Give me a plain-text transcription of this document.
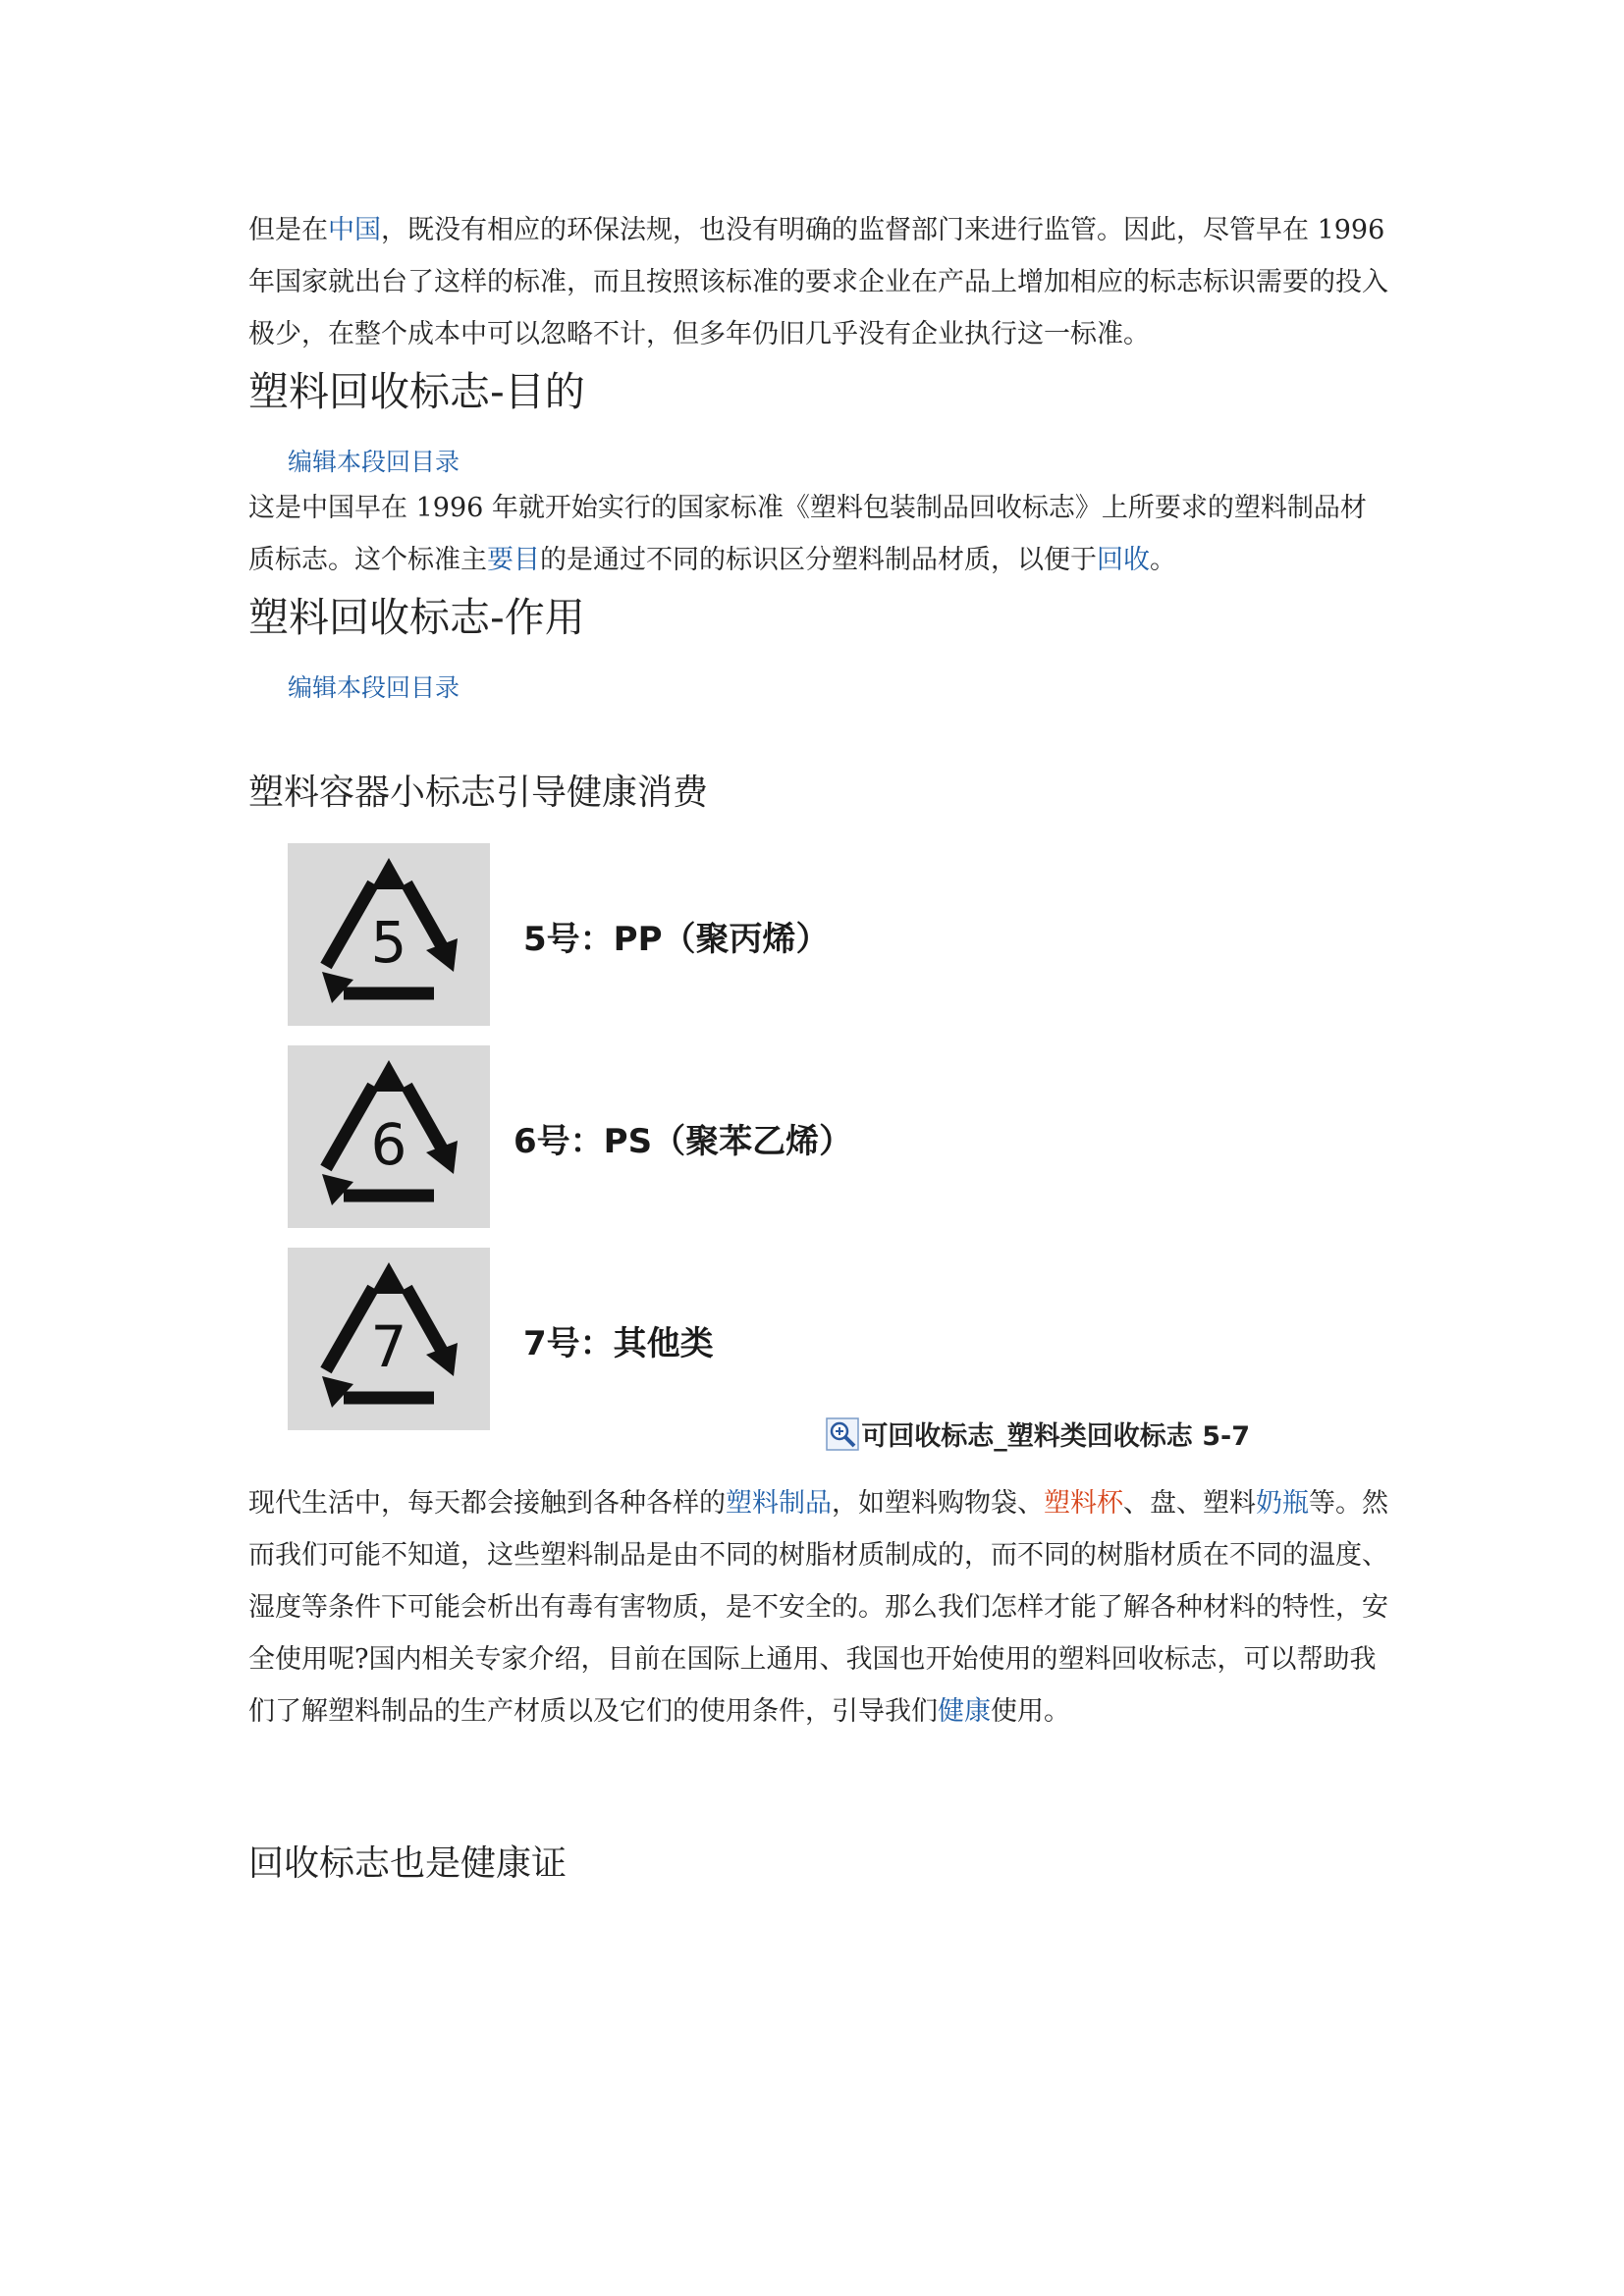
但是在中国，既没有相应的环保法规，也没有明确的监督部门来进行监管。因此，尽管早在 1996 年国家就出台了这样的标准，而且按照该标准的要求企业在产品上增加相应的标志标识需要的投入极少，在整个成本中可以忽略不计，但多年仍旧几乎没有企业执行这一标准。

塑料回收标志-目的
编辑本段回目录

这是中国早在 1996 年就开始实行的国家标准《塑料包装制品回收标志》上所要求的塑料制品材质标志。这个标准主要目的是通过不同的标识区分塑料制品材质，以便于回收。

塑料回收标志-作用
编辑本段回目录
塑料容器小标志引导健康消费
5	5号：PP（聚丙烯）
6	6号：PS（聚苯乙烯）
7	7号：其他类
可回收标志_塑料类回收标志 5-7

现代生活中，每天都会接触到各种各样的塑料制品，如塑料购物袋、塑料杯、盘、塑料奶瓶等。然而我们可能不知道，这些塑料制品是由不同的树脂材质制成的，而不同的树脂材质在不同的温度、湿度等条件下可能会析出有毒有害物质，是不安全的。那么我们怎样才能了解各种材料的特性，安全使用呢?国内相关专家介绍，目前在国际上通用、我国也开始使用的塑料回收标志，可以帮助我们了解塑料制品的生产材质以及它们的使用条件，引导我们健康使用。

回收标志也是健康证
